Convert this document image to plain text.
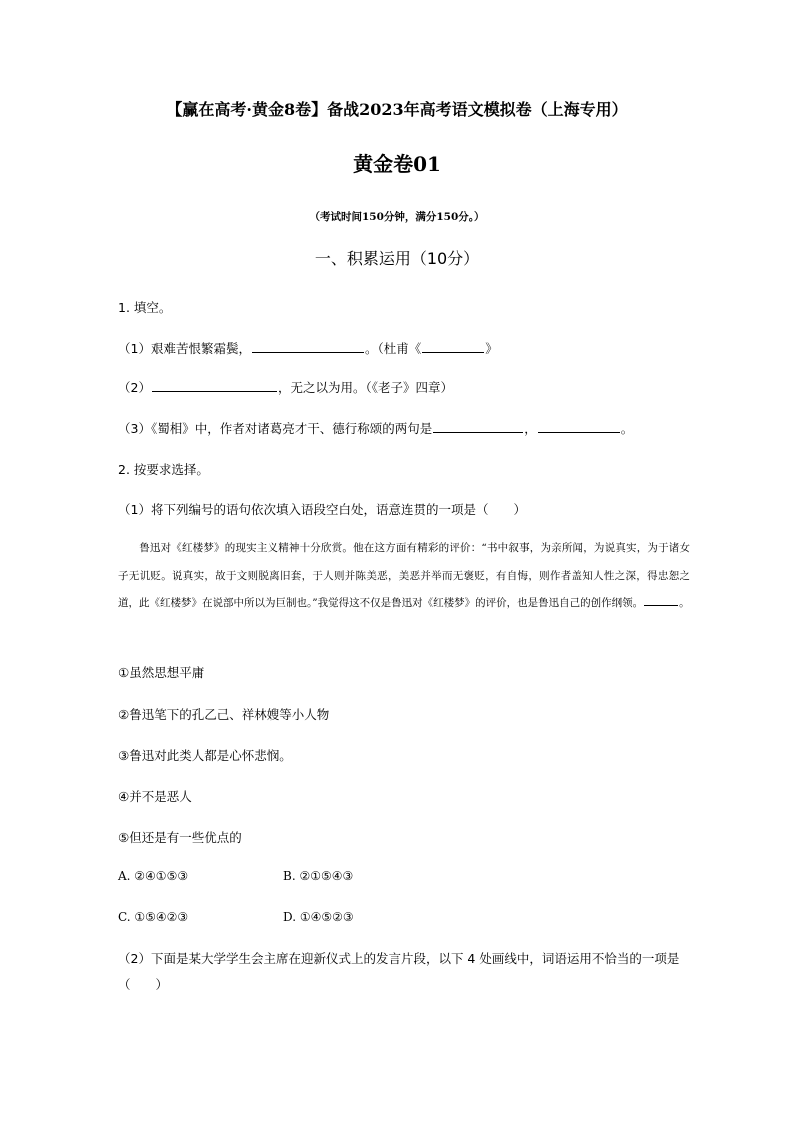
【赢在高考·黄金8卷】备战2023年高考语文模拟卷（上海专用）
黄金卷01
（考试时间150分钟，满分150分。）
一、积累运用（10分）
1. 填空。
（1）艰难苦恨繁霜鬓，	。（杜甫《	》
（2）	，无之以为用。（《老子》四章）
（3）《蜀相》中，作者对诸葛亮才干、德行称颂的两句是	，	。
2. 按要求选择。
（1）将下列编号的语句依次填入语段空白处，语意连贯的一项是（　　）
鲁迅对《红楼梦》的现实主义精神十分欣赏。他在这方面有精彩的评价：“书中叙事，为亲所闻，为说真实，为于诸女子无讥贬。说真实，故于文则脱离旧套，于人则并陈美恶，美恶并举而无褒贬，有自悔，则作者盖知人性之深，得忠恕之道，此《红楼梦》在说部中所以为巨制也。”我觉得这不仅是鲁迅对《红楼梦》的评价，也是鲁迅自己的创作纲领。	。
①虽然思想平庸
②鲁迅笔下的孔乙己、祥林嫂等小人物
③鲁迅对此类人都是心怀悲悯。
④并不是恶人
⑤但还是有一些优点的
A. ②④①⑤③	B. ②①⑤④③
C. ①⑤④②③	D. ①④⑤②③
（2）下面是某大学学生会主席在迎新仪式上的发言片段，以下 4 处画线中，词语运用不恰当的一项是（　　）
